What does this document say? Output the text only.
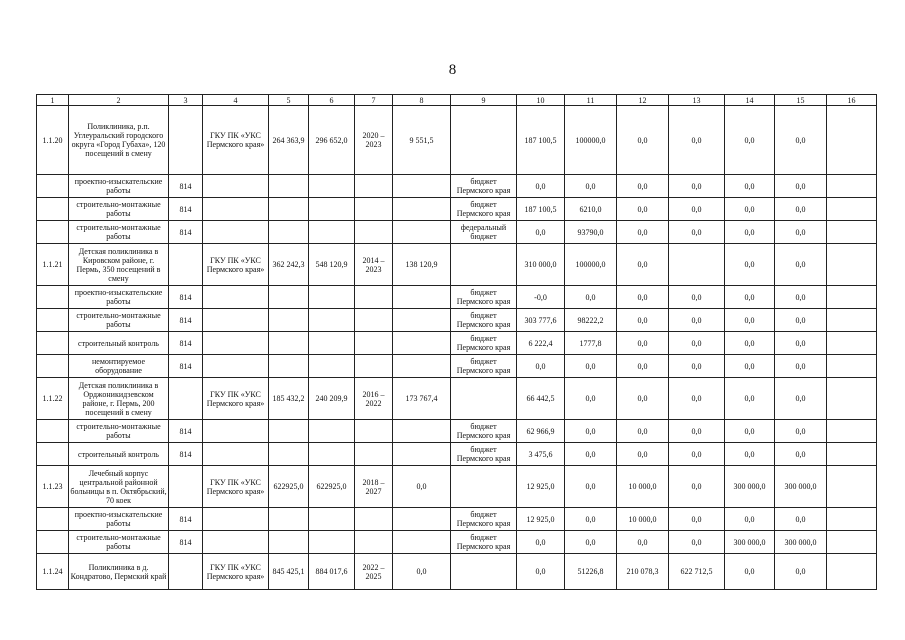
8
1	2	3	4	5	6	7	8	9	10	11	12	13	14	15	16
1.1.20	Поликлиника, р.п. Углеуральский городского округа «Город Губаха», 120 посещений в смену		ГКУ ПК «УКС Пермского края»	264 363,9	296 652,0	2020 – 2023	9 551,5		187 100,5	100000,0	0,0	0,0	0,0	0,0	
	проектно-изыскательские работы	814						бюджет Пермского края	0,0	0,0	0,0	0,0	0,0	0,0	
	строительно-монтажные работы	814						бюджет Пермского края	187 100,5	6210,0	0,0	0,0	0,0	0,0	
	строительно-монтажные работы	814						федеральный бюджет	0,0	93790,0	0,0	0,0	0,0	0,0	
1.1.21	Детская поликлиника в Кировском районе, г. Пермь, 350 посещений в смену		ГКУ ПК «УКС Пермского края»	362 242,3	548 120,9	2014 – 2023	138 120,9		310 000,0	100000,0	0,0		0,0	0,0	
	проектно-изыскательские работы	814						бюджет Пермского края	-0,0	0,0	0,0	0,0	0,0	0,0	
	строительно-монтажные работы	814						бюджет Пермского края	303 777,6	98222,2	0,0	0,0	0,0	0,0	
	строительный контроль	814						бюджет Пермского края	6 222,4	1777,8	0,0	0,0	0,0	0,0	
	немонтируемое оборудование	814						бюджет Пермского края	0,0	0,0	0,0	0,0	0,0	0,0	
1.1.22	Детская поликлиника в Орджоникидзевском районе, г. Пермь, 200 посещений в смену		ГКУ ПК «УКС Пермского края»	185 432,2	240 209,9	2016 – 2022	173 767,4		66 442,5	0,0	0,0	0,0	0,0	0,0	
	строительно-монтажные работы	814						бюджет Пермского края	62 966,9	0,0	0,0	0,0	0,0	0,0	
	строительный контроль	814						бюджет Пермского края	3 475,6	0,0	0,0	0,0	0,0	0,0	
1.1.23	Лечебный корпус центральной районной больницы в п. Октябрьский, 70 коек		ГКУ ПК «УКС Пермского края»	622925,0	622925,0	2018 – 2027	0,0		12 925,0	0,0	10 000,0	0,0	300 000,0	300 000,0	
	проектно-изыскательские работы	814						бюджет Пермского края	12 925,0	0,0	10 000,0	0,0	0,0	0,0	
	строительно-монтажные работы	814						бюджет Пермского края	0,0	0,0	0,0	0,0	300 000,0	300 000,0	
1.1.24	Поликлиника в д. Кондратово, Пермский край		ГКУ ПК «УКС Пермского края»	845 425,1	884 017,6	2022 – 2025	0,0		0,0	51226,8	210 078,3	622 712,5	0,0	0,0	
